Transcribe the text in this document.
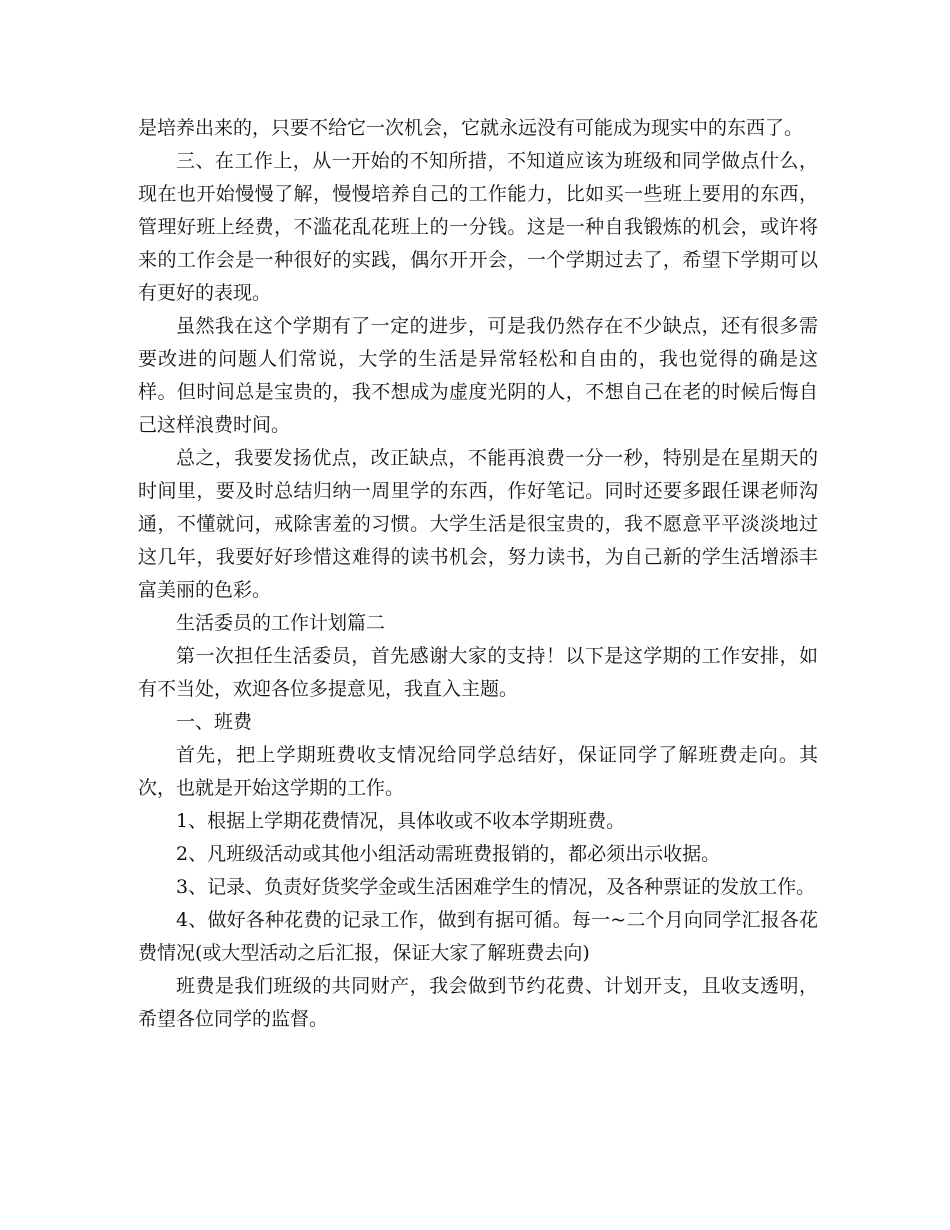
是培养出来的，只要不给它一次机会，它就永远没有可能成为现实中的东西了。

三、在工作上，从一开始的不知所措，不知道应该为班级和同学做点什么，现在也开始慢慢了解，慢慢培养自己的工作能力，比如买一些班上要用的东西，管理好班上经费，不滥花乱花班上的一分钱。这是一种自我锻炼的机会，或许将来的工作会是一种很好的实践，偶尔开开会，一个学期过去了，希望下学期可以有更好的表现。

虽然我在这个学期有了一定的进步，可是我仍然存在不少缺点，还有很多需要改进的问题人们常说，大学的生活是异常轻松和自由的，我也觉得的确是这样。但时间总是宝贵的，我不想成为虚度光阴的人，不想自己在老的时候后悔自己这样浪费时间。

总之，我要发扬优点，改正缺点，不能再浪费一分一秒，特别是在星期天的时间里，要及时总结归纳一周里学的东西，作好笔记。同时还要多跟任课老师沟通，不懂就问，戒除害羞的习惯。大学生活是很宝贵的，我不愿意平平淡淡地过这几年，我要好好珍惜这难得的读书机会，努力读书，为自己新的学生活增添丰富美丽的色彩。

生活委员的工作计划篇二

第一次担任生活委员，首先感谢大家的支持！以下是这学期的工作安排，如有不当处，欢迎各位多提意见，我直入主题。

一、班费

首先，把上学期班费收支情况给同学总结好，保证同学了解班费走向。其次，也就是开始这学期的工作。

1、根据上学期花费情况，具体收或不收本学期班费。

2、凡班级活动或其他小组活动需班费报销的，都必须出示收据。

3、记录、负责好货奖学金或生活困难学生的情况，及各种票证的发放工作。

4、做好各种花费的记录工作，做到有据可循。每一~二个月向同学汇报各花费情况(或大型活动之后汇报，保证大家了解班费去向)

班费是我们班级的共同财产，我会做到节约花费、计划开支，且收支透明，希望各位同学的监督。
